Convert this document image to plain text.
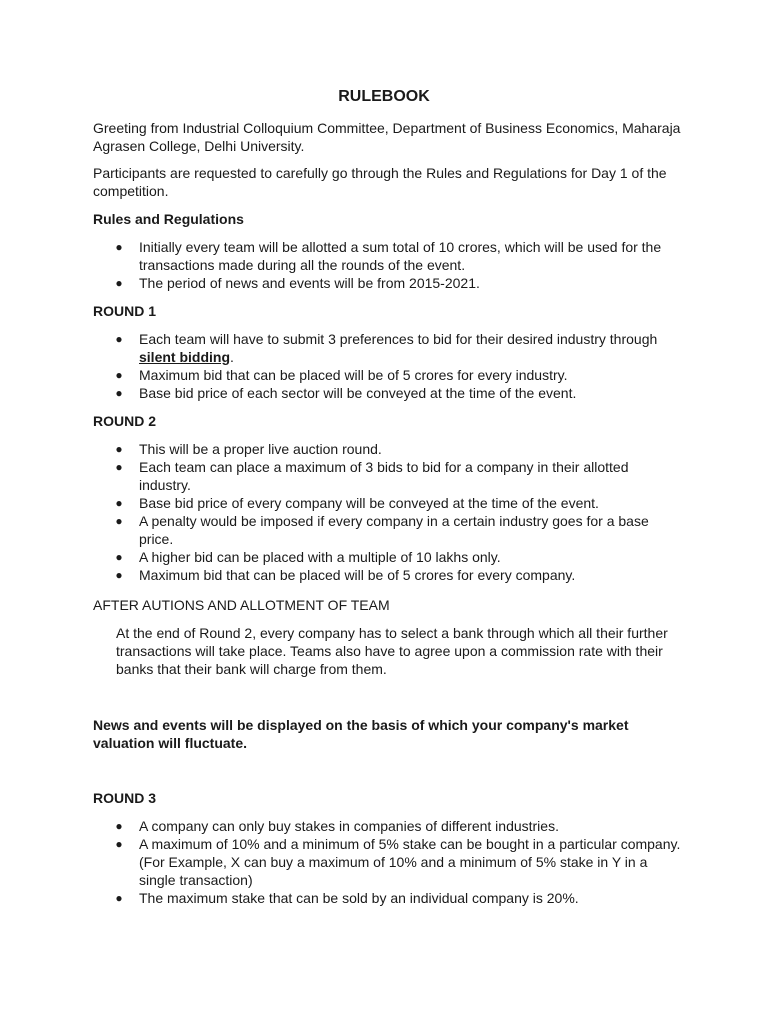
RULEBOOK
Greeting from Industrial Colloquium Committee, Department of Business Economics, Maharaja Agrasen College, Delhi University.
Participants are requested to carefully go through the Rules and Regulations for Day 1 of the competition.
Rules and Regulations
● Initially every team will be allotted a sum total of 10 crores, which will be used for the transactions made during all the rounds of the event.
● The period of news and events will be from 2015-2021.
ROUND 1
● Each team will have to submit 3 preferences to bid for their desired industry through silent bidding.
● Maximum bid that can be placed will be of 5 crores for every industry.
● Base bid price of each sector will be conveyed at the time of the event.
ROUND 2
● This will be a proper live auction round.
● Each team can place a maximum of 3 bids to bid for a company in their allotted industry.
● Base bid price of every company will be conveyed at the time of the event.
● A penalty would be imposed if every company in a certain industry goes for a base price.
● A higher bid can be placed with a multiple of 10 lakhs only.
● Maximum bid that can be placed will be of 5 crores for every company.
AFTER AUTIONS AND ALLOTMENT OF TEAM
At the end of Round 2, every company has to select a bank through which all their further transactions will take place. Teams also have to agree upon a commission rate with their banks that their bank will charge from them.
News and events will be displayed on the basis of which your company's market valuation will fluctuate.
ROUND 3
● A company can only buy stakes in companies of different industries.
● A maximum of 10% and a minimum of 5% stake can be bought in a particular company.
(For Example, X can buy a maximum of 10% and a minimum of 5% stake in Y in a single transaction)
● The maximum stake that can be sold by an individual company is 20%.
